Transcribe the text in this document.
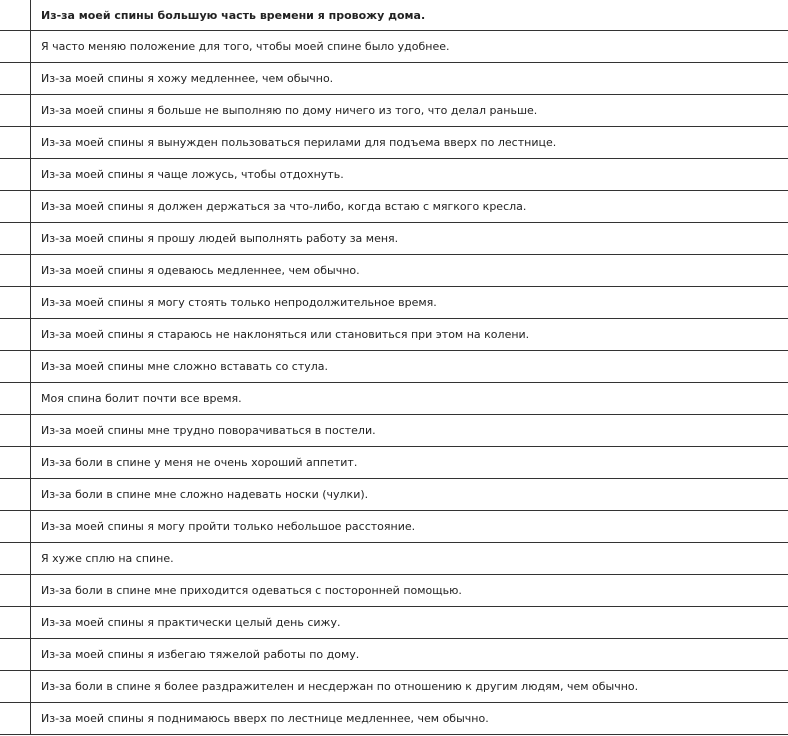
	Из-за моей спины большую часть времени я провожу дома.
	Я часто меняю положение для того, чтобы моей спине было удобнее.
	Из-за моей спины я хожу медленнее, чем обычно.
	Из-за моей спины я больше не выполняю по дому ничего из того, что делал раньше.
	Из-за моей спины я вынужден пользоваться перилами для подъема вверх по лестнице.
	Из-за моей спины я чаще ложусь, чтобы отдохнуть.
	Из-за моей спины я должен держаться за что-либо, когда встаю с мягкого кресла.
	Из-за моей спины я прошу людей выполнять работу за меня.
	Из-за моей спины я одеваюсь медленнее, чем обычно.
	Из-за моей спины я могу стоять только непродолжительное время.
	Из-за моей спины я стараюсь не наклоняться или становиться при этом на колени.
	Из-за моей спины мне сложно вставать со стула.
	Моя спина болит почти все время.
	Из-за моей спины мне трудно поворачиваться в постели.
	Из-за боли в спине у меня не очень хороший аппетит.
	Из-за боли в спине мне сложно надевать носки (чулки).
	Из-за моей спины я могу пройти только небольшое расстояние.
	Я хуже сплю на спине.
	Из-за боли в спине мне приходится одеваться с посторонней помощью.
	Из-за моей спины я практически целый день сижу.
	Из-за моей спины я избегаю тяжелой работы по дому.
	Из-за боли в спине я более раздражителен и несдержан по отношению к другим людям, чем обычно.
	Из-за моей спины я поднимаюсь вверх по лестнице медленнее, чем обычно.
